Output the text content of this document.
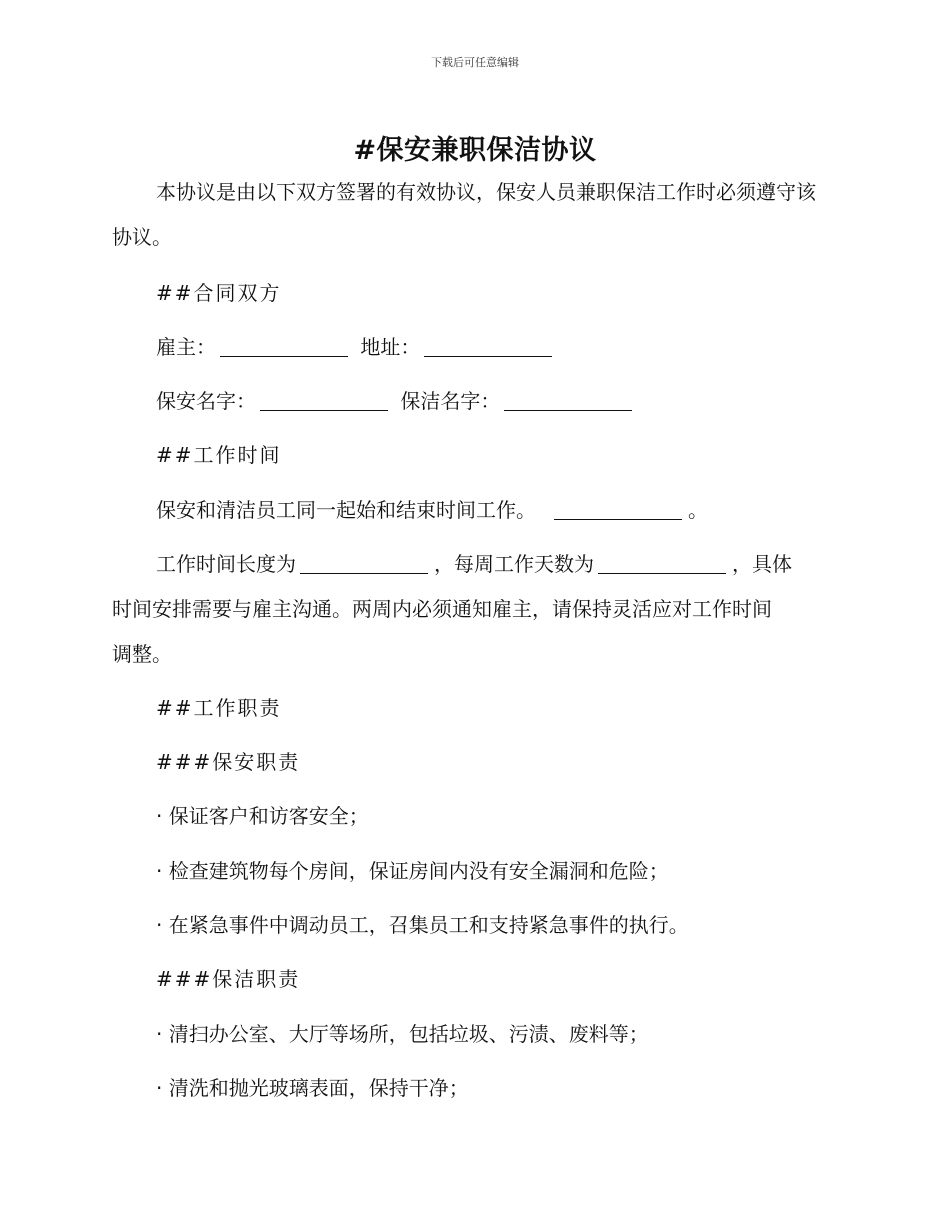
下载后可任意编辑
#保安兼职保洁协议

本协议是由以下双方签署的有效协议，保安人员兼职保洁工作时必须遵守该协议。

##合同双方
雇主：	地址：
保安名字：	保洁名字：
##工作时间
保安和清洁员工同一起始和结束时间工作。	。
工作时间长度为	，每周工作天数为	，具体
时间安排需要与雇主沟通。两周内必须通知雇主，请保持灵活应对工作时间
调整。
##工作职责
###保安职责
· 保证客户和访客安全；
· 检查建筑物每个房间，保证房间内没有安全漏洞和危险；
· 在紧急事件中调动员工，召集员工和支持紧急事件的执行。
###保洁职责
· 清扫办公室、大厅等场所，包括垃圾、污渍、废料等；
· 清洗和抛光玻璃表面，保持干净；
